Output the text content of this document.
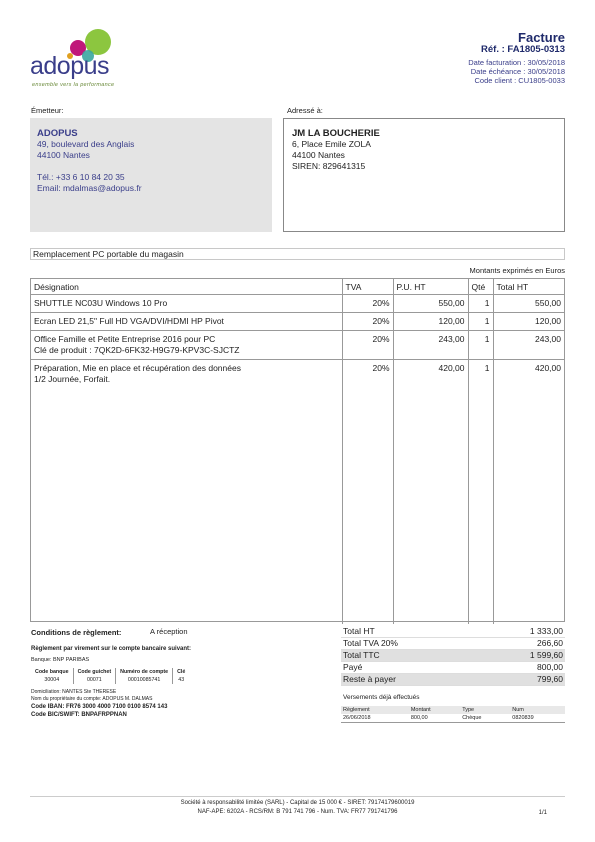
adopus
ensemble vers la performance
Facture
Réf. : FA1805-0313
Date facturation : 30/05/2018
Date échéance : 30/05/2018
Code client : CU1805-0033
Émetteur:	Adressé à:
ADOPUS
49, boulevard des Anglais
44100 Nantes
Tél.: +33 6 10 84 20 35
Email: mdalmas@adopus.fr
JM LA BOUCHERIE
6, Place Emile ZOLA
44100 Nantes
SIREN: 829641315
Remplacement PC portable du magasin
Montants exprimés en Euros
Désignation	TVA	P.U. HT	Qté	Total HT

SHUTTLE NC03U Windows 10 Pro	20%	550,00	1	550,00

Ecran LED 21,5" Full HD VGA/DVI/HDMI HP Pivot	20%	120,00	1	120,00

Office Famille et Petite Entreprise 2016 pour PC
Clé de produit : 7QK2D-6FK32-H9G79-KPV3C-SJCTZ	20%	243,00	1	243,00

Préparation, Mie en place et récupération des données
1/2 Journée, Forfait.	20%	420,00	1	420,00
Conditions de règlement:	A réception
Règlement par virement sur le compte bancaire suivant:
Banque: BNP PARIBAS
Code banque	Code guichet	Numéro de compte	Clé
30004	00071	00010085741	43
Domiciliation: NANTES Ste THERESE
Nom du propriétaire du compte: ADOPUS M. DALMAS
Code IBAN: FR76 3000 4000 7100 0100 8574 143
Code BIC/SWIFT: BNPAFRPPNAN
Total HT	1 333,00
Total TVA 20%	266,60
Total TTC	1 599,60
Payé	800,00
Reste à payer	799,60
Versements déjà effectués
Règlement	Montant	Type	Num
26/06/2018	800,00	Chèque	0820839
Société à responsabilité limitée (SARL) - Capital de 15 000 € - SIRET: 79174179600019
NAF-APE: 6202A - RCS/RM: B 791 741 796 - Num. TVA: FR77 791741796	1/1
